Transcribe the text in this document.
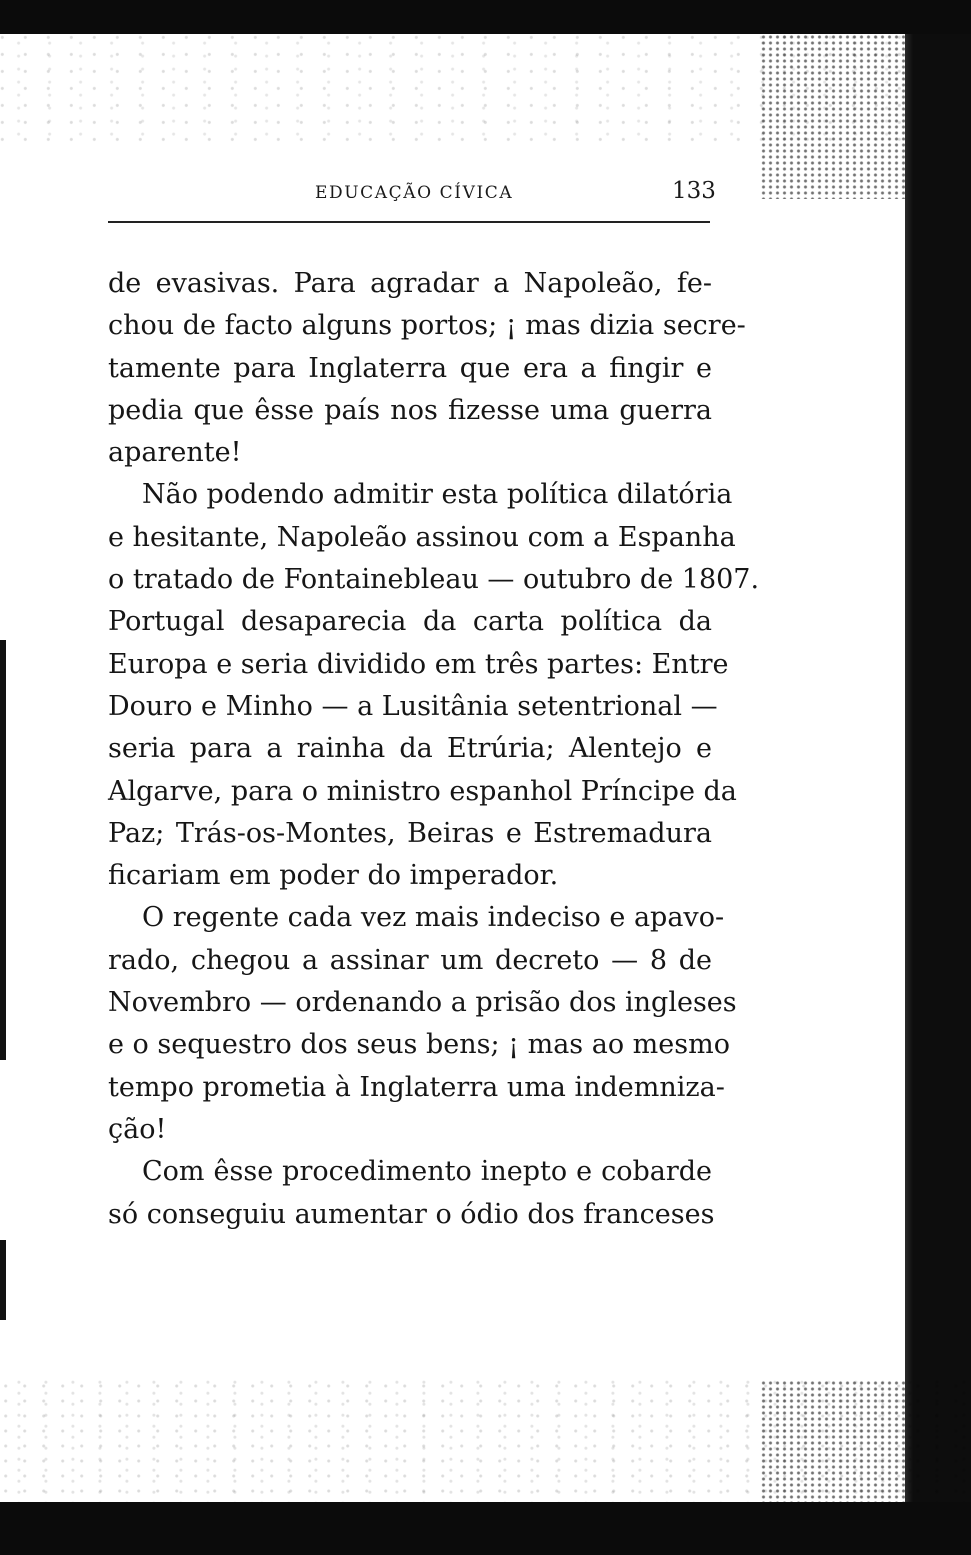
EDUCAÇÃO CÍVICA	133
de evasivas. Para agradar a Napoleão, fe-
chou de facto alguns portos; ¡ mas dizia secre-
tamente para Inglaterra que era a fingir e
pedia que êsse país nos fizesse uma guerra
aparente!
Não podendo admitir esta política dilatória
e hesitante, Napoleão assinou com a Espanha
o tratado de Fontainebleau — outubro de 1807.
Portugal desaparecia da carta política da
Europa e seria dividido em três partes: Entre
Douro e Minho — a Lusitânia setentrional —
seria para a rainha da Etrúria; Alentejo e
Algarve, para o ministro espanhol Príncipe da
Paz; Trás-os-Montes, Beiras e Estremadura
ficariam em poder do imperador.
O regente cada vez mais indeciso e apavo-
rado, chegou a assinar um decreto — 8 de
Novembro — ordenando a prisão dos ingleses
e o sequestro dos seus bens; ¡ mas ao mesmo
tempo prometia à Inglaterra uma indemniza-
ção!
Com êsse procedimento inepto e cobarde
só conseguiu aumentar o ódio dos franceses
